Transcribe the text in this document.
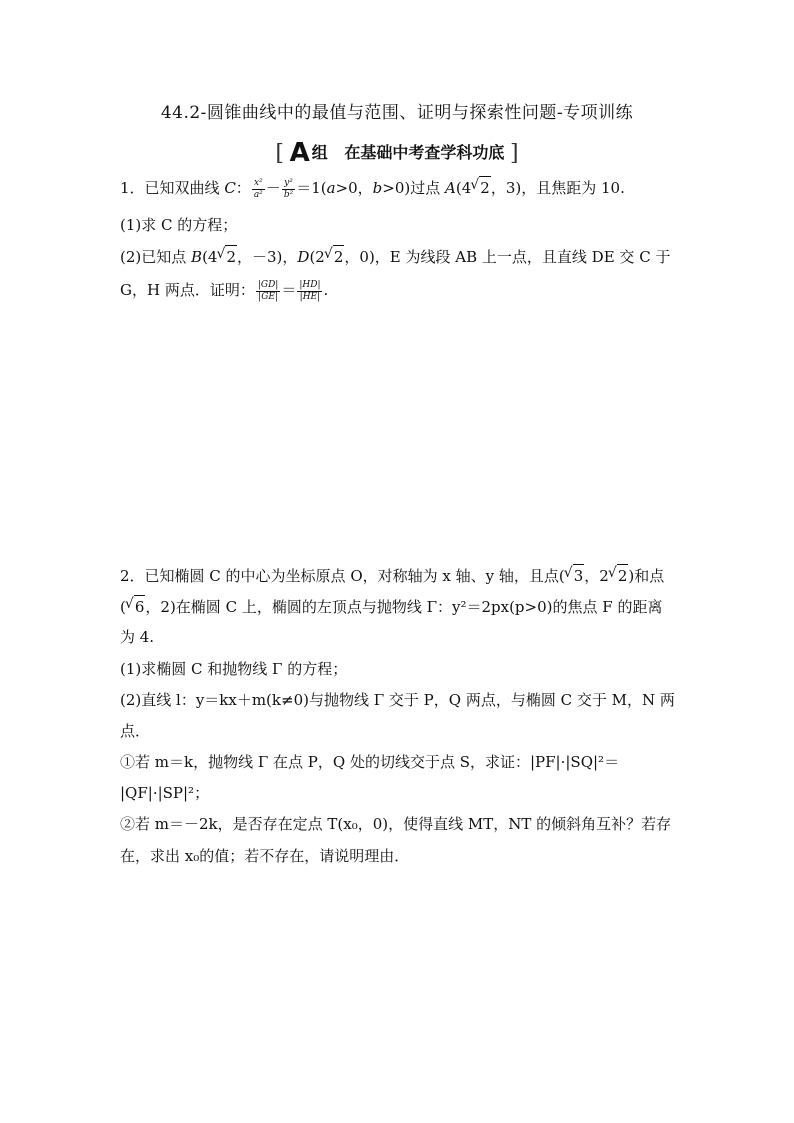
44.2-圆锥曲线中的最值与范围、证明与探索性问题-专项训练
[ A 组 在基础中考查学科功底 ]
1．已知双曲线 C： $\frac{\text{x²}}{\text{a²}} - \frac{\text{y²}}{\text{b²}} =1(a>0$，b>0)过点 A(4 √ 2，3)，且焦距为 10.
(1)求 C 的方程；
(2)已知点 B(4 √ 2，－3)，D(2 √ 2，0)，E 为线段 AB 上一点，且直线 DE 交 C 于
G，H 两点．证明： $\frac{|GD|}{|GE|} = \frac{|HD|}{|HE|}$ .
2．已知椭圆 C 的中心为坐标原点 O，对称轴为 x 轴、y 轴，且点( √ 3，2 √ 2)和点
( √ 6，2)在椭圆 C 上，椭圆的左顶点与抛物线 Γ：y²＝2px(p>0)的焦点 F 的距离
为 4.
(1)求椭圆 C 和抛物线 Γ 的方程；
(2)直线 l：y＝kx＋m(k≠0)与抛物线 Γ 交于 P，Q 两点，与椭圆 C 交于 M，N 两
点．
①若 m＝k，抛物线 Γ 在点 P，Q 处的切线交于点 S，求证：|PF|·|SQ|²＝
|QF|·|SP|²；
②若 m＝－2k，是否存在定点 T(x₀，0)，使得直线 MT，NT 的倾斜角互补？若存
在，求出 x₀的值；若不存在，请说明理由．
